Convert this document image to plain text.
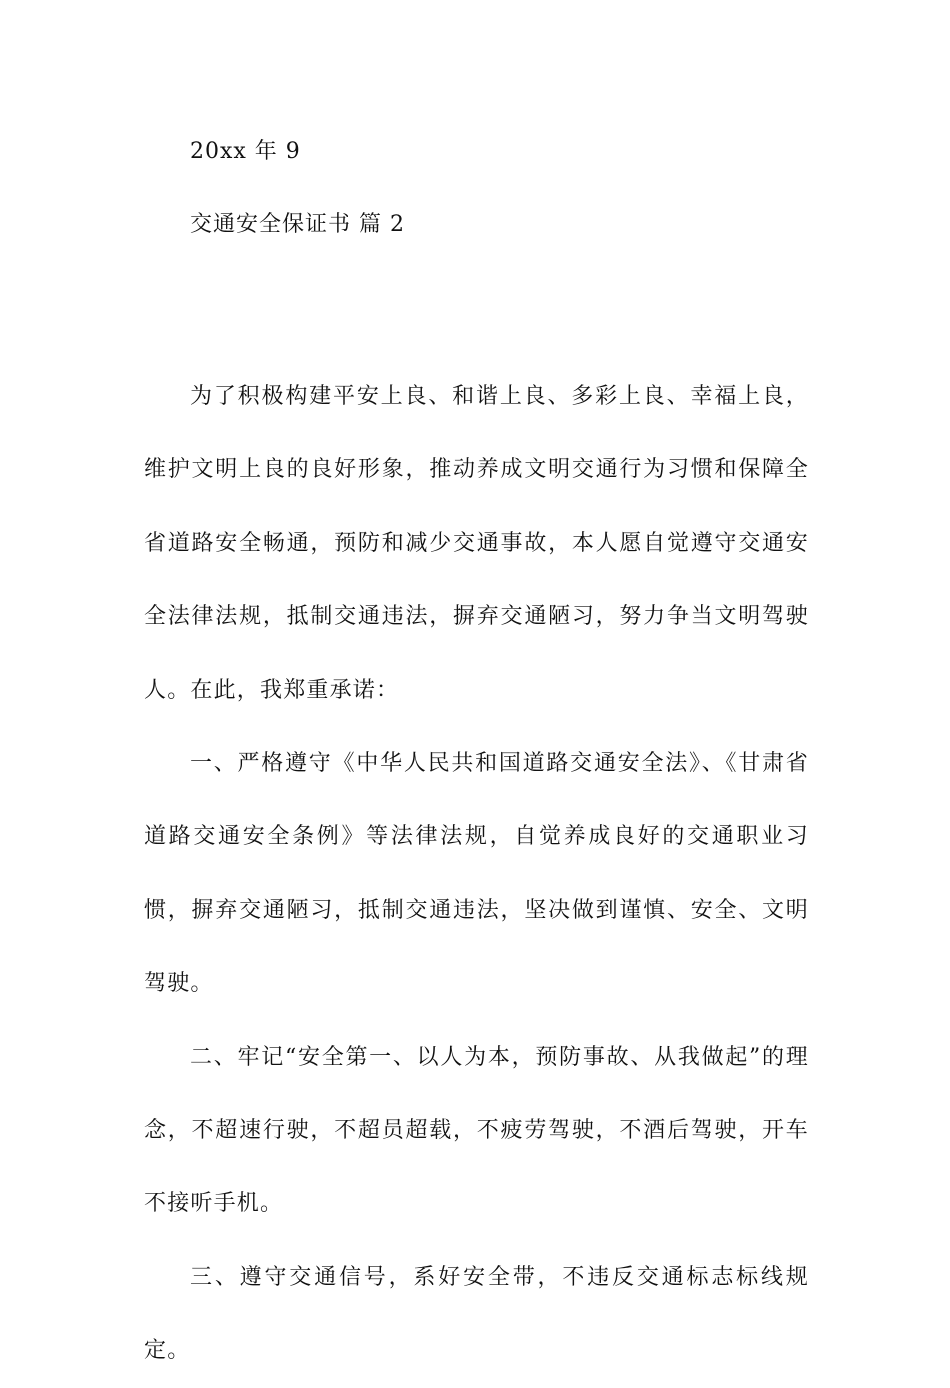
20xx 年 9
交通安全保证书 篇 2

为了积极构建平安上良、和谐上良、多彩上良、幸福上良，维护文明上良的良好形象，推动养成文明交通行为习惯和保障全省道路安全畅通，预防和减少交通事故，本人愿自觉遵守交通安全法律法规，抵制交通违法，摒弃交通陋习，努力争当文明驾驶人。在此，我郑重承诺：

一、严格遵守《中华人民共和国道路交通安全法》、《甘肃省道路交通安全条例》等法律法规，自觉养成良好的交通职业习惯，摒弃交通陋习，抵制交通违法，坚决做到谨慎、安全、文明驾驶。

二、牢记“安全第一、以人为本，预防事故、从我做起”的理念，不超速行驶，不超员超载，不疲劳驾驶，不酒后驾驶，开车不接听手机。

三、遵守交通信号，系好安全带，不违反交通标志标线规定。
